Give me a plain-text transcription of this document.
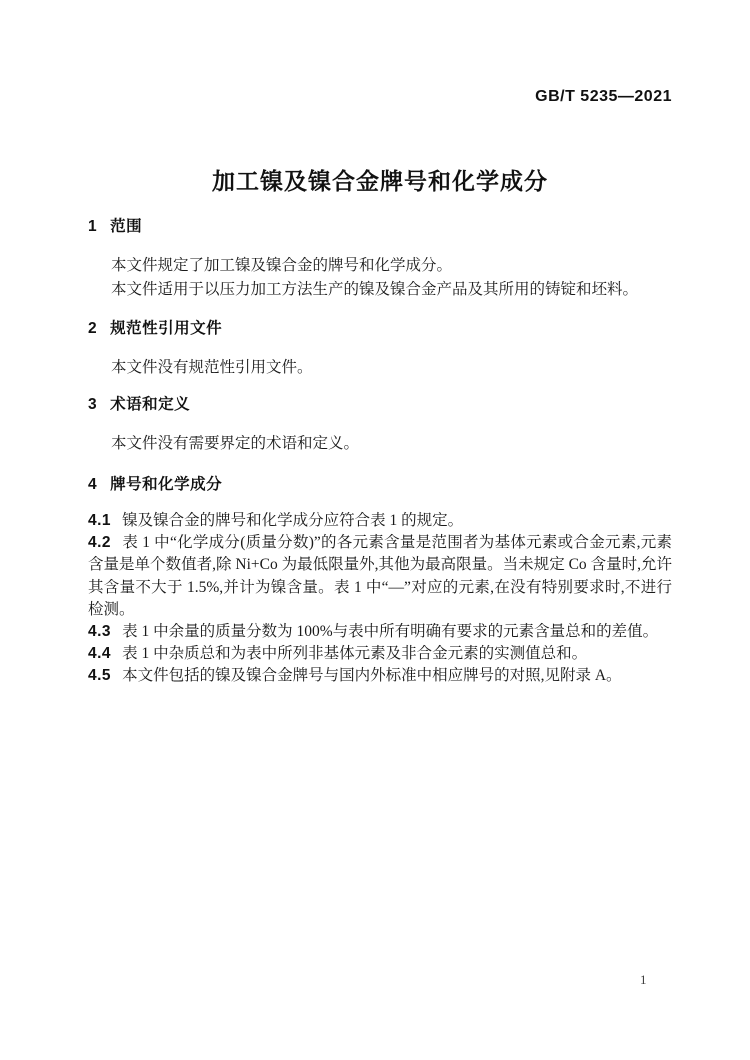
GB/T 5235—2021
加工镍及镍合金牌号和化学成分
1 范围

本文件规定了加工镍及镍合金的牌号和化学成分。

本文件适用于以压力加工方法生产的镍及镍合金产品及其所用的铸锭和坯料。

2 规范性引用文件

本文件没有规范性引用文件。

3 术语和定义

本文件没有需要界定的术语和定义。

4 牌号和化学成分

4.1 镍及镍合金的牌号和化学成分应符合表 1 的规定。

4.2 表 1 中“化学成分(质量分数)”的各元素含量是范围者为基体元素或合金元素,元素含量是单个数值者,除 Ni+Co 为最低限量外,其他为最高限量。当未规定 Co 含量时,允许其含量不大于 1.5%,并计为镍含量。表 1 中“—”对应的元素,在没有特别要求时,不进行检测。

4.3 表 1 中余量的质量分数为 100%与表中所有明确有要求的元素含量总和的差值。

4.4 表 1 中杂质总和为表中所列非基体元素及非合金元素的实测值总和。

4.5 本文件包括的镍及镍合金牌号与国内外标准中相应牌号的对照,见附录 A。

1
